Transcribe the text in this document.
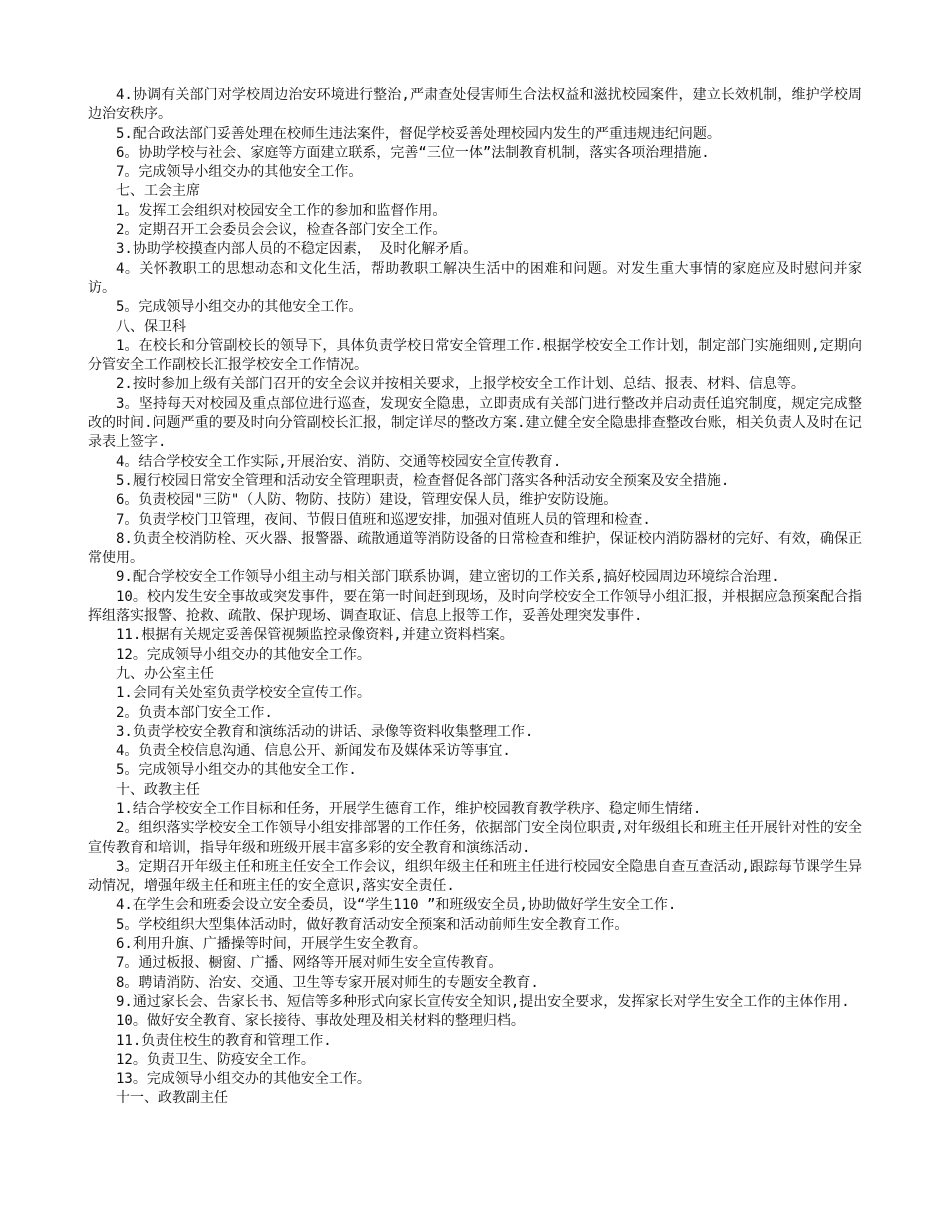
4.协调有关部门对学校周边治安环境进行整治,严肃查处侵害师生合法权益和滋扰校园案件，建立长效机制，维护学校周边治安秩序。

5.配合政法部门妥善处理在校师生违法案件，督促学校妥善处理校园内发生的严重违规违纪问题。

6。协助学校与社会、家庭等方面建立联系，完善“三位一体”法制教育机制，落实各项治理措施.

7。完成领导小组交办的其他安全工作。

七、工会主席

1。发挥工会组织对校园安全工作的参加和监督作用。

2。定期召开工会委员会会议，检查各部门安全工作。

3.协助学校摸查内部人员的不稳定因素， 及时化解矛盾。

4。关怀教职工的思想动态和文化生活，帮助教职工解决生活中的困难和问题。对发生重大事情的家庭应及时慰问并家访。

5。完成领导小组交办的其他安全工作。

八、保卫科

1。在校长和分管副校长的领导下，具体负责学校日常安全管理工作.根据学校安全工作计划，制定部门实施细则,定期向分管安全工作副校长汇报学校安全工作情况。

2.按时参加上级有关部门召开的安全会议并按相关要求，上报学校安全工作计划、总结、报表、材料、信息等。

3。坚持每天对校园及重点部位进行巡查，发现安全隐患，立即责成有关部门进行整改并启动责任追究制度，规定完成整改的时间.问题严重的要及时向分管副校长汇报，制定详尽的整改方案.建立健全安全隐患排查整改台账，相关负责人及时在记录表上签字.

4。结合学校安全工作实际,开展治安、消防、交通等校园安全宣传教育.

5.履行校园日常安全管理和活动安全管理职责，检查督促各部门落实各种活动安全预案及安全措施.

6。负责校园"三防"（人防、物防、技防）建设，管理安保人员，维护安防设施。

7。负责学校门卫管理，夜间、节假日值班和巡逻安排，加强对值班人员的管理和检查.

8.负责全校消防栓、灭火器、报警器、疏散通道等消防设备的日常检查和维护，保证校内消防器材的完好、有效，确保正常使用。

9.配合学校安全工作领导小组主动与相关部门联系协调，建立密切的工作关系,搞好校园周边环境综合治理.

10。校内发生安全事故或突发事件，要在第一时间赶到现场，及时向学校安全工作领导小组汇报，并根据应急预案配合指挥组落实报警、抢救、疏散、保护现场、调查取证、信息上报等工作，妥善处理突发事件.

11.根据有关规定妥善保管视频监控录像资料,并建立资料档案。

12。完成领导小组交办的其他安全工作。

九、办公室主任

1.会同有关处室负责学校安全宣传工作。

2。负责本部门安全工作.

3.负责学校安全教育和演练活动的讲话、录像等资料收集整理工作.

4。负责全校信息沟通、信息公开、新闻发布及媒体采访等事宜.

5。完成领导小组交办的其他安全工作.

十、政教主任

1.结合学校安全工作目标和任务，开展学生德育工作，维护校园教育教学秩序、稳定师生情绪.

2。组织落实学校安全工作领导小组安排部署的工作任务，依据部门安全岗位职责,对年级组长和班主任开展针对性的安全宣传教育和培训，指导年级和班级开展丰富多彩的安全教育和演练活动.

3。定期召开年级主任和班主任安全工作会议，组织年级主任和班主任进行校园安全隐患自查互查活动,跟踪每节课学生异动情况，增强年级主任和班主任的安全意识,落实安全责任.

4.在学生会和班委会设立安全委员，设“学生110 ”和班级安全员,协助做好学生安全工作.

5。学校组织大型集体活动时，做好教育活动安全预案和活动前师生安全教育工作。

6.利用升旗、广播操等时间，开展学生安全教育。

7。通过板报、橱窗、广播、网络等开展对师生安全宣传教育。

8。聘请消防、治安、交通、卫生等专家开展对师生的专题安全教育.

9.通过家长会、告家长书、短信等多种形式向家长宣传安全知识,提出安全要求，发挥家长对学生安全工作的主体作用.

10。做好安全教育、家长接待、事故处理及相关材料的整理归档。

11.负责住校生的教育和管理工作.

12。负责卫生、防疫安全工作。

13。完成领导小组交办的其他安全工作。

十一、政教副主任
